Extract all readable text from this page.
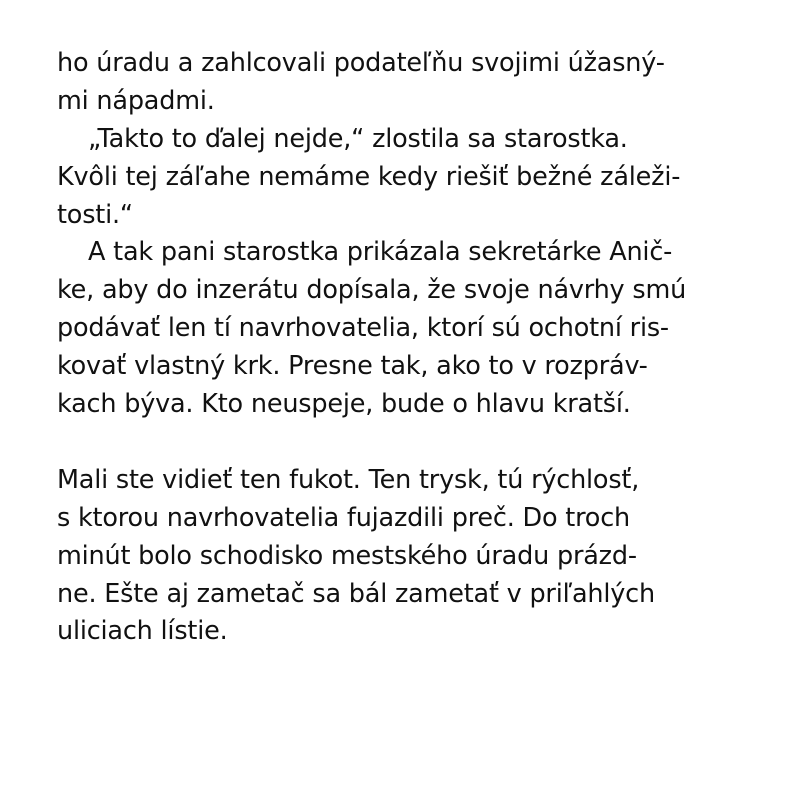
ho úradu a zahlcovali podateľňu svojimi úžasný-
mi nápadmi.
„Takto to ďalej nejde,“ zlostila sa starostka.
Kvôli tej záľahe nemáme kedy riešiť bežné záleži-
tosti.“
A tak pani starostka prikázala sekretárke Anič-
ke, aby do inzerátu dopísala, že svoje návrhy smú
podávať len tí navrhovatelia, ktorí sú ochotní ris-
kovať vlastný krk. Presne tak, ako to v rozpráv-
kach býva. Kto neuspeje, bude o hlavu kratší.
Mali ste vidieť ten fukot. Ten trysk, tú rýchlosť,
s ktorou navrhovatelia fujazdili preč. Do troch
minút bolo schodisko mestského úradu prázd-
ne. Ešte aj zametač sa bál zametať v priľahlých
uliciach lístie.
